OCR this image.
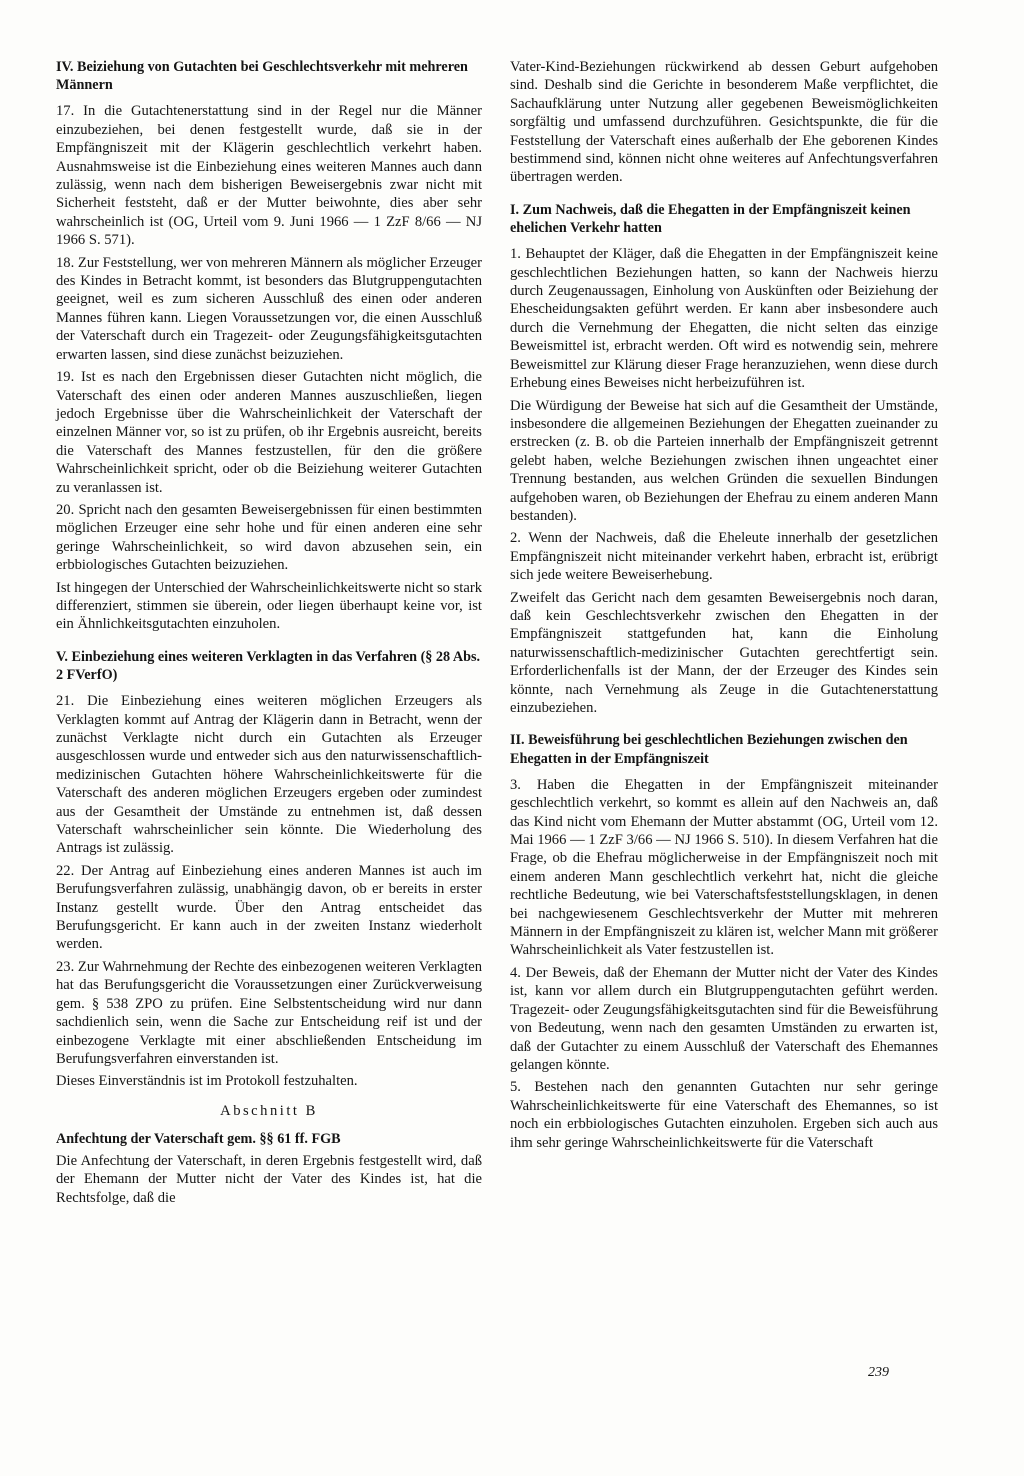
IV. Beiziehung von Gutachten bei Geschlechtsverkehr mit mehreren Männern

17. In die Gutachtenerstattung sind in der Regel nur die Männer einzubeziehen, bei denen festgestellt wurde, daß sie in der Empfängniszeit mit der Klägerin geschlechtlich verkehrt haben. Ausnahmsweise ist die Einbeziehung eines weiteren Mannes auch dann zulässig, wenn nach dem bisherigen Beweisergebnis zwar nicht mit Sicherheit feststeht, daß er der Mutter beiwohnte, dies aber sehr wahrscheinlich ist (OG, Urteil vom 9. Juni 1966 — 1 ZzF 8/66 — NJ 1966 S. 571).

18. Zur Feststellung, wer von mehreren Männern als möglicher Erzeuger des Kindes in Betracht kommt, ist besonders das Blutgruppengutachten geeignet, weil es zum sicheren Ausschluß des einen oder anderen Mannes führen kann. Liegen Voraussetzungen vor, die einen Ausschluß der Vaterschaft durch ein Tragezeit- oder Zeugungsfähigkeitsgutachten erwarten lassen, sind diese zunächst beizuziehen.

19. Ist es nach den Ergebnissen dieser Gutachten nicht möglich, die Vaterschaft des einen oder anderen Mannes auszuschließen, liegen jedoch Ergebnisse über die Wahrscheinlichkeit der Vaterschaft der einzelnen Männer vor, so ist zu prüfen, ob ihr Ergebnis ausreicht, bereits die Vaterschaft des Mannes festzustellen, für den die größere Wahrscheinlichkeit spricht, oder ob die Beiziehung weiterer Gutachten zu veranlassen ist.

20. Spricht nach den gesamten Beweisergebnissen für einen bestimmten möglichen Erzeuger eine sehr hohe und für einen anderen eine sehr geringe Wahrscheinlichkeit, so wird davon abzusehen sein, ein erbbiologisches Gutachten beizuziehen.

Ist hingegen der Unterschied der Wahrscheinlichkeitswerte nicht so stark differenziert, stimmen sie überein, oder liegen überhaupt keine vor, ist ein Ähnlichkeitsgutachten einzuholen.

V. Einbeziehung eines weiteren Verklagten in das Verfahren (§ 28 Abs. 2 FVerfO)

21. Die Einbeziehung eines weiteren möglichen Erzeugers als Verklagten kommt auf Antrag der Klägerin dann in Betracht, wenn der zunächst Verklagte nicht durch ein Gutachten als Erzeuger ausgeschlossen wurde und entweder sich aus den naturwissenschaftlich-medizinischen Gutachten höhere Wahrscheinlichkeitswerte für die Vaterschaft des anderen möglichen Erzeugers ergeben oder zumindest aus der Gesamtheit der Umstände zu entnehmen ist, daß dessen Vaterschaft wahrscheinlicher sein könnte. Die Wiederholung des Antrags ist zulässig.

22. Der Antrag auf Einbeziehung eines anderen Mannes ist auch im Berufungsverfahren zulässig, unabhängig davon, ob er bereits in erster Instanz gestellt wurde. Über den Antrag entscheidet das Berufungsgericht. Er kann auch in der zweiten Instanz wiederholt werden.

23. Zur Wahrnehmung der Rechte des einbezogenen weiteren Verklagten hat das Berufungsgericht die Voraussetzungen einer Zurückverweisung gem. § 538 ZPO zu prüfen. Eine Selbstentscheidung wird nur dann sachdienlich sein, wenn die Sache zur Entscheidung reif ist und der einbezogene Verklagte mit einer abschließenden Entscheidung im Berufungsverfahren einverstanden ist.

Dieses Einverständnis ist im Protokoll festzuhalten.

Abschnitt B
Anfechtung der Vaterschaft gem. §§ 61 ff. FGB

Die Anfechtung der Vaterschaft, in deren Ergebnis festgestellt wird, daß der Ehemann der Mutter nicht der Vater des Kindes ist, hat die Rechtsfolge, daß die

Vater-Kind-Beziehungen rückwirkend ab dessen Geburt aufgehoben sind. Deshalb sind die Gerichte in besonderem Maße verpflichtet, die Sachaufklärung unter Nutzung aller gegebenen Beweismöglichkeiten sorgfältig und umfassend durchzuführen. Gesichtspunkte, die für die Feststellung der Vaterschaft eines außerhalb der Ehe geborenen Kindes bestimmend sind, können nicht ohne weiteres auf Anfechtungsverfahren übertragen werden.

I. Zum Nachweis, daß die Ehegatten in der Empfängniszeit keinen ehelichen Verkehr hatten

1. Behauptet der Kläger, daß die Ehegatten in der Empfängniszeit keine geschlechtlichen Beziehungen hatten, so kann der Nachweis hierzu durch Zeugenaussagen, Einholung von Auskünften oder Beiziehung der Ehescheidungsakten geführt werden. Er kann aber insbesondere auch durch die Vernehmung der Ehegatten, die nicht selten das einzige Beweismittel ist, erbracht werden. Oft wird es notwendig sein, mehrere Beweismittel zur Klärung dieser Frage heranzuziehen, wenn diese durch Erhebung eines Beweises nicht herbeizuführen ist.

Die Würdigung der Beweise hat sich auf die Gesamtheit der Umstände, insbesondere die allgemeinen Beziehungen der Ehegatten zueinander zu erstrecken (z. B. ob die Parteien innerhalb der Empfängniszeit getrennt gelebt haben, welche Beziehungen zwischen ihnen ungeachtet einer Trennung bestanden, aus welchen Gründen die sexuellen Bindungen aufgehoben waren, ob Beziehungen der Ehefrau zu einem anderen Mann bestanden).

2. Wenn der Nachweis, daß die Eheleute innerhalb der gesetzlichen Empfängniszeit nicht miteinander verkehrt haben, erbracht ist, erübrigt sich jede weitere Beweiserhebung.

Zweifelt das Gericht nach dem gesamten Beweisergebnis noch daran, daß kein Geschlechtsverkehr zwischen den Ehegatten in der Empfängniszeit stattgefunden hat, kann die Einholung naturwissenschaftlich-medizinischer Gutachten gerechtfertigt sein. Erforderlichenfalls ist der Mann, der der Erzeuger des Kindes sein könnte, nach Vernehmung als Zeuge in die Gutachtenerstattung einzubeziehen.

II. Beweisführung bei geschlechtlichen Beziehungen zwischen den Ehegatten in der Empfängniszeit

3. Haben die Ehegatten in der Empfängniszeit miteinander geschlechtlich verkehrt, so kommt es allein auf den Nachweis an, daß das Kind nicht vom Ehemann der Mutter abstammt (OG, Urteil vom 12. Mai 1966 — 1 ZzF 3/66 — NJ 1966 S. 510). In diesem Verfahren hat die Frage, ob die Ehefrau möglicherweise in der Empfängniszeit noch mit einem anderen Mann geschlechtlich verkehrt hat, nicht die gleiche rechtliche Bedeutung, wie bei Vaterschaftsfeststellungsklagen, in denen bei nachgewiesenem Geschlechtsverkehr der Mutter mit mehreren Männern in der Empfängniszeit zu klären ist, welcher Mann mit größerer Wahrscheinlichkeit als Vater festzustellen ist.

4. Der Beweis, daß der Ehemann der Mutter nicht der Vater des Kindes ist, kann vor allem durch ein Blutgruppengutachten geführt werden. Tragezeit- oder Zeugungsfähigkeitsgutachten sind für die Beweisführung von Bedeutung, wenn nach den gesamten Umständen zu erwarten ist, daß der Gutachter zu einem Ausschluß der Vaterschaft des Ehemannes gelangen könnte.

5. Bestehen nach den genannten Gutachten nur sehr geringe Wahrscheinlichkeitswerte für eine Vaterschaft des Ehemannes, so ist noch ein erbbiologisches Gutachten einzuholen. Ergeben sich auch aus ihm sehr geringe Wahrscheinlichkeitswerte für die Vaterschaft

239
